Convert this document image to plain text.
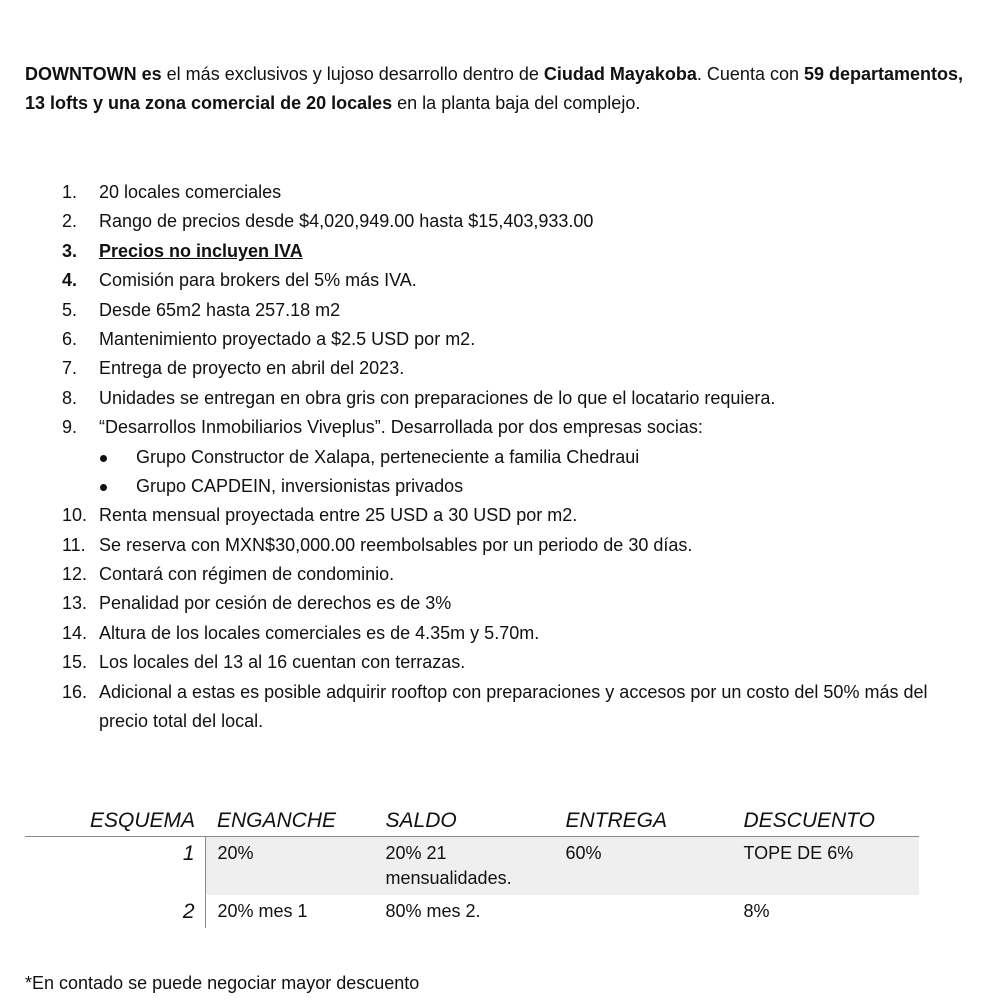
DOWNTOWN es el más exclusivos y lujoso desarrollo dentro de Ciudad Mayakoba. Cuenta con 59 departamentos, 13 lofts y una zona comercial de 20 locales en la planta baja del complejo.
1.	20 locales comerciales
2.	Rango de precios desde $4,020,949.00 hasta $15,403,933.00
3.	Precios no incluyen IVA
4.	Comisión para brokers del 5% más IVA.
5.	Desde 65m2 hasta 257.18 m2
6.	Mantenimiento proyectado a $2.5 USD por m2.
7.	Entrega de proyecto en abril del 2023.
8.	Unidades se entregan en obra gris con preparaciones de lo que el locatario requiera.
9.	“Desarrollos Inmobiliarios Viveplus”. Desarrollada por dos empresas socias:
Grupo Constructor de Xalapa, perteneciente a familia Chedraui
Grupo CAPDEIN, inversionistas privados
10. Renta mensual proyectada entre 25 USD a 30 USD por m2.
11. Se reserva con MXN$30,000.00 reembolsables por un periodo de 30 días.
12. Contará con régimen de condominio.
13. Penalidad por cesión de derechos es de 3%
14. Altura de los locales comerciales es de 4.35m y 5.70m.
15. Los locales del 13 al 16 cuentan con terrazas.
16. Adicional a estas es posible adquirir rooftop con preparaciones y accesos por un costo del 50% más del precio total del local.
ESQUEMA	ENGANCHE	SALDO	ENTREGA	DESCUENTO
1	20%	20% 21 mensualidades.	60%	TOPE DE 6%
2	20% mes 1	80% mes 2.		8%
*En contado se puede negociar mayor descuento
